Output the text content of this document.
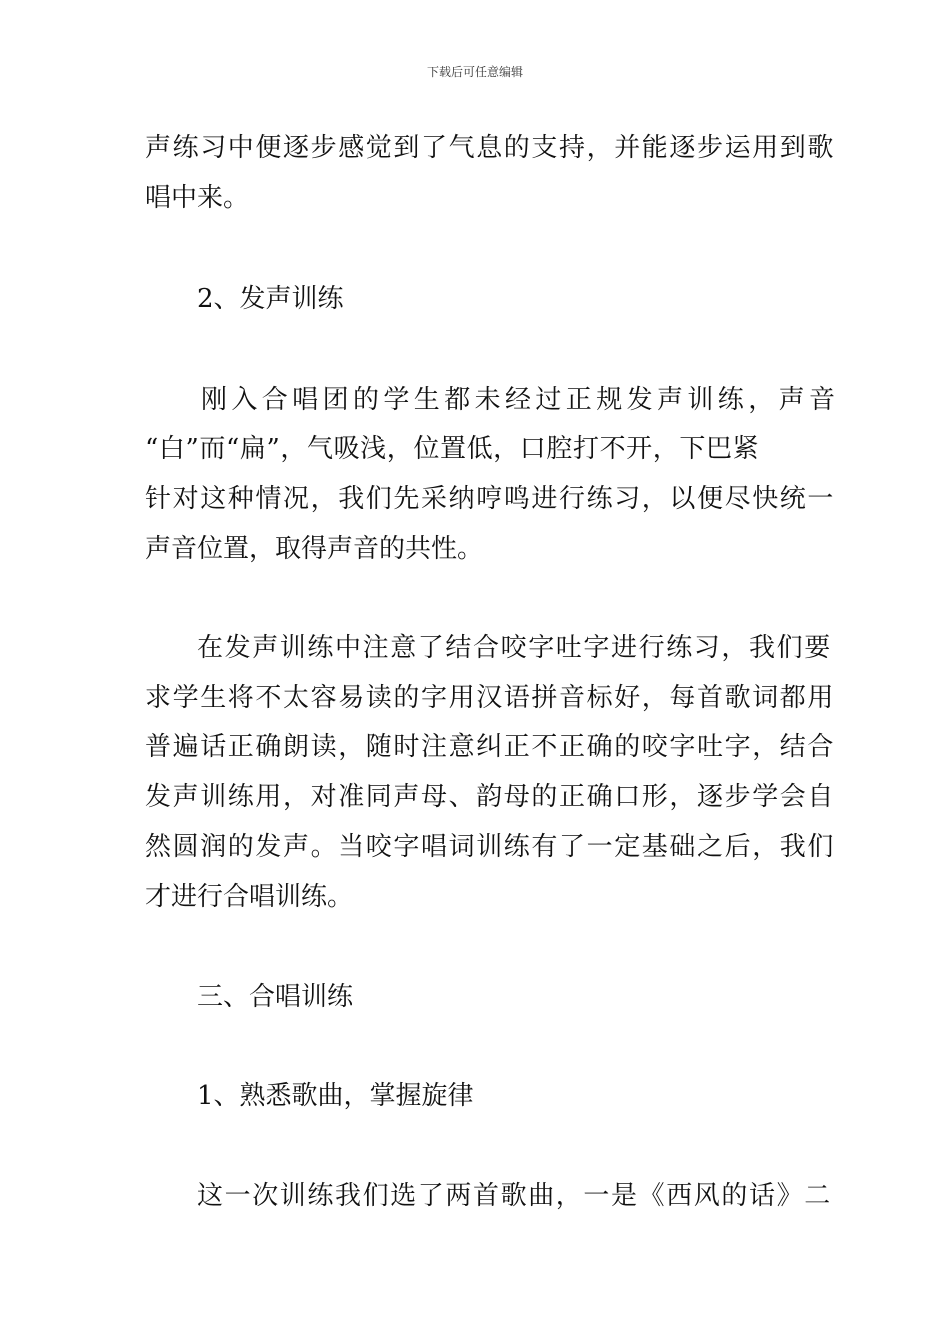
下载后可任意编辑
声练习中便逐步感觉到了气息的支持，并能逐步运用到歌
唱中来。
2、发声训练
刚入合唱团的学生都未经过正规发声训练，声音
“白”而“扁”，气吸浅，位置低，口腔打不开，下巴紧
针对这种情况，我们先采纳哼鸣进行练习，以便尽快统一
声音位置，取得声音的共性。
在发声训练中注意了结合咬字吐字进行练习，我们要
求学生将不太容易读的字用汉语拼音标好，每首歌词都用
普遍话正确朗读，随时注意纠正不正确的咬字吐字，结合
发声训练用，对准同声母、韵母的正确口形，逐步学会自
然圆润的发声。当咬字唱词训练有了一定基础之后，我们
才进行合唱训练。
三、合唱训练
1、熟悉歌曲，掌握旋律
这一次训练我们选了两首歌曲，一是《西风的话》二
